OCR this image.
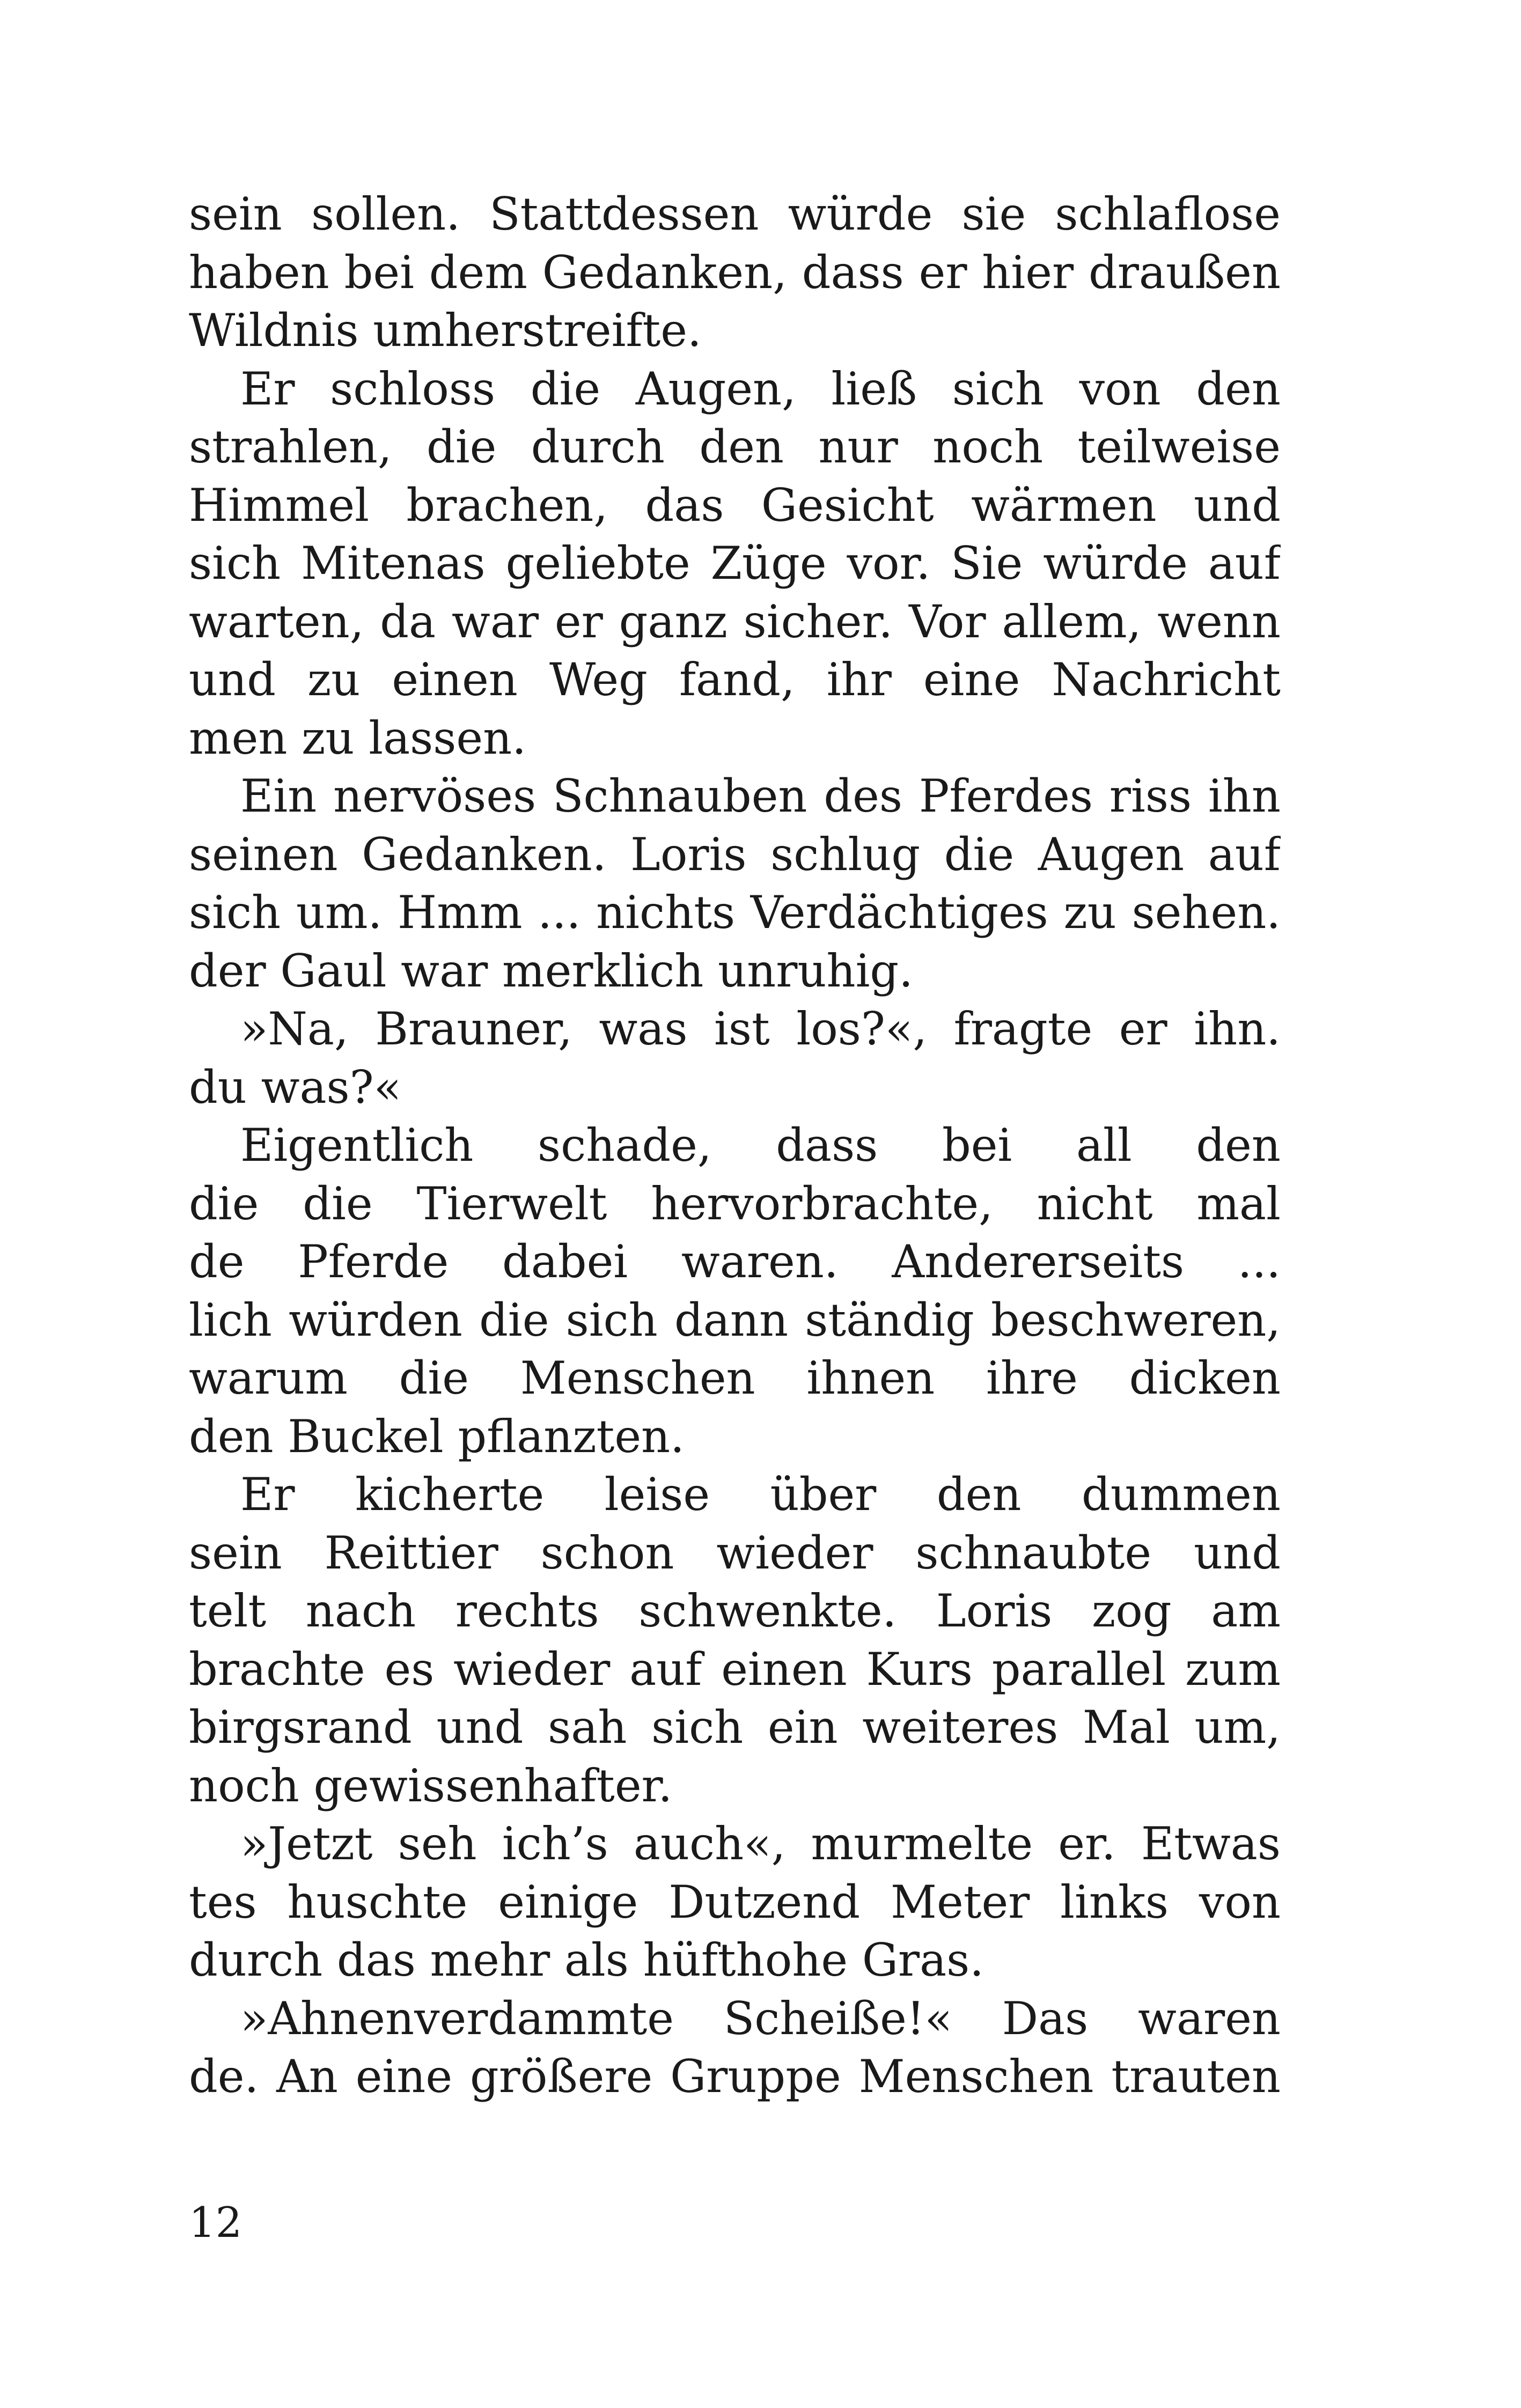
sein sollen. Stattdessen würde sie schlaflose
haben bei dem Gedanken, dass er hier draußen
Wildnis umherstreifte.
Er schloss die Augen, ließ sich von den
strahlen, die durch den nur noch teilweise
Himmel brachen, das Gesicht wärmen und
sich Mitenas geliebte Züge vor. Sie würde auf
warten, da war er ganz sicher. Vor allem, wenn
und zu einen Weg fand, ihr eine Nachricht
men zu lassen.
Ein nervöses Schnauben des Pferdes riss ihn
seinen Gedanken. Loris schlug die Augen auf
sich um. Hmm ... nichts Verdächtiges zu sehen.
der Gaul war merklich unruhig.
»Na, Brauner, was ist los?«, fragte er ihn.
du was?«
Eigentlich schade, dass bei all den
die die Tierwelt hervorbrachte, nicht mal
de Pferde dabei waren. Andererseits ...
lich würden die sich dann ständig beschweren,
warum die Menschen ihnen ihre dicken
den Buckel pflanzten.
Er kicherte leise über den dummen
sein Reittier schon wieder schnaubte und
telt nach rechts schwenkte. Loris zog am
brachte es wieder auf einen Kurs parallel zum
birgsrand und sah sich ein weiteres Mal um,
noch gewissenhafter.
»Jetzt seh ich’s auch«, murmelte er. Etwas
tes huschte einige Dutzend Meter links von
durch das mehr als hüfthohe Gras.
»Ahnenverdammte Scheiße!« Das waren
de. An eine größere Gruppe Menschen trauten
12
